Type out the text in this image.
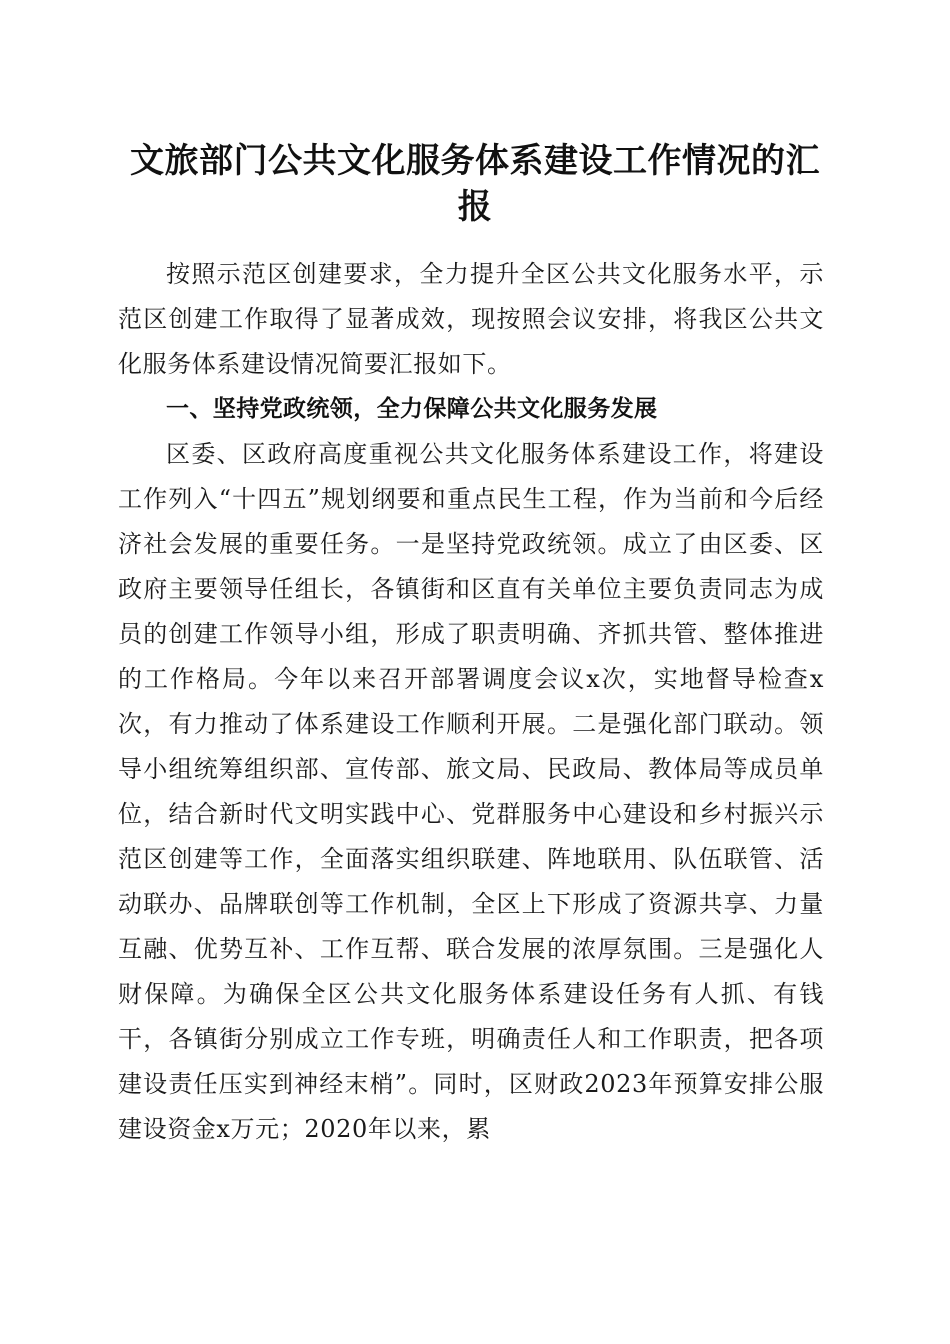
文旅部门公共文化服务体系建设工作情况的汇报

按照示范区创建要求，全力提升全区公共文化服务水平，示范区创建工作取得了显著成效，现按照会议安排，将我区公共文化服务体系建设情况简要汇报如下。

一、坚持党政统领，全力保障公共文化服务发展

区委、区政府高度重视公共文化服务体系建设工作，将建设工作列入“十四五”规划纲要和重点民生工程，作为当前和今后经济社会发展的重要任务。一是坚持党政统领。成立了由区委、区政府主要领导任组长，各镇街和区直有关单位主要负责同志为成员的创建工作领导小组，形成了职责明确、齐抓共管、整体推进的工作格局。今年以来召开部署调度会议x次，实地督导检查x次，有力推动了体系建设工作顺利开展。二是强化部门联动。领导小组统筹组织部、宣传部、旅文局、民政局、教体局等成员单位，结合新时代文明实践中心、党群服务中心建设和乡村振兴示范区创建等工作，全面落实组织联建、阵地联用、队伍联管、活动联办、品牌联创等工作机制，全区上下形成了资源共享、力量互融、优势互补、工作互帮、联合发展的浓厚氛围。三是强化人财保障。为确保全区公共文化服务体系建设任务有人抓、有钱干，各镇街分别成立工作专班，明确责任人和工作职责，把各项建设责任压实到神经末梢”。同时，区财政2023年预算安排公服建设资金x万元；2020年以来，累
